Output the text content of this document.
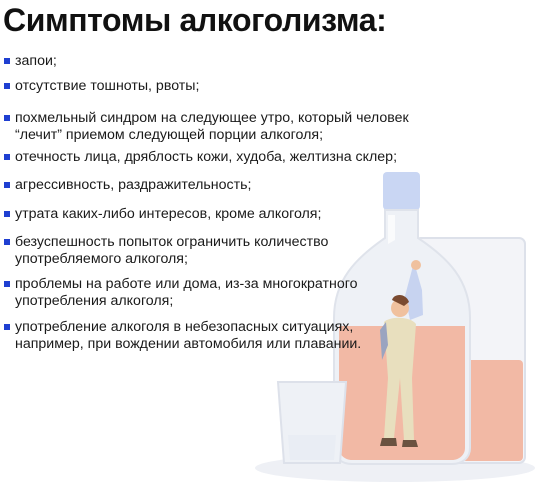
Симптомы алкоголизма:
запои;
отсутствие тошноты, рвоты;
похмельный синдром на следующее утро, который человек
“лечит” приемом следующей порции алкоголя;
отечность лица, дряблость кожи, худоба, желтизна склер;
агрессивность, раздражительность;
утрата каких-либо интересов, кроме алкоголя;
безуспешность попыток ограничить количество
употребляемого алкоголя;
проблемы на работе или дома, из-за многократного
употребления алкоголя;
употребление алкоголя в небезопасных ситуациях,
например, при вождении автомобиля или плавании.
